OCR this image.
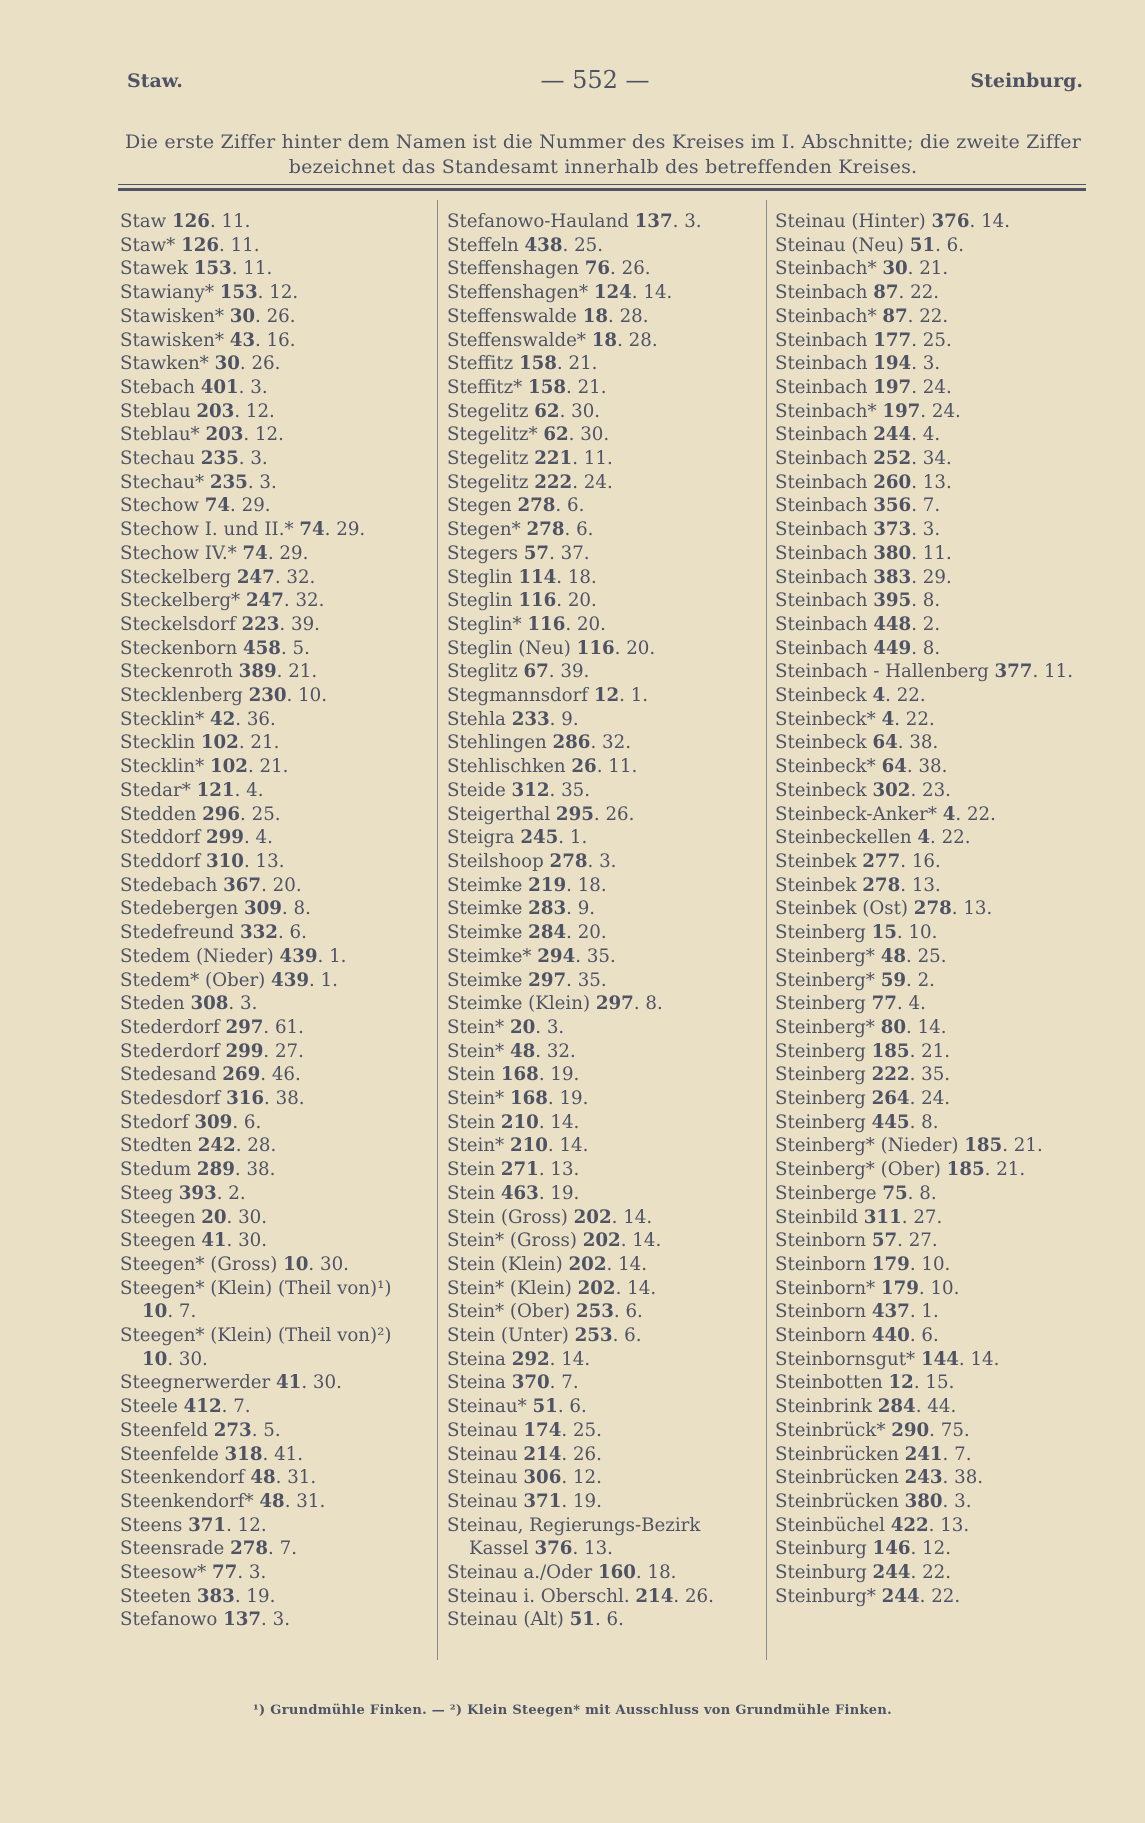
Staw.	— 552 —	Steinburg.
Die erste Ziffer hinter dem Namen ist die Nummer des Kreises im I. Abschnitte; die zweite Ziffer bezeichnet das Standesamt innerhalb des betreffenden Kreises.
Staw 126. 11.
Staw* 126. 11.
Stawek 153. 11.
Stawiany* 153. 12.
Stawisken* 30. 26.
Stawisken* 43. 16.
Stawken* 30. 26.
Stebach 401. 3.
Steblau 203. 12.
Steblau* 203. 12.
Stechau 235. 3.
Stechau* 235. 3.
Stechow 74. 29.
Stechow I. und II.* 74. 29.
Stechow IV.* 74. 29.
Steckelberg 247. 32.
Steckelberg* 247. 32.
Steckelsdorf 223. 39.
Steckenborn 458. 5.
Steckenroth 389. 21.
Stecklenberg 230. 10.
Stecklin* 42. 36.
Stecklin 102. 21.
Stecklin* 102. 21.
Stedar* 121. 4.
Stedden 296. 25.
Steddorf 299. 4.
Steddorf 310. 13.
Stedebach 367. 20.
Stedebergen 309. 8.
Stedefreund 332. 6.
Stedem (Nieder) 439. 1.
Stedem* (Ober) 439. 1.
Steden 308. 3.
Stederdorf 297. 61.
Stederdorf 299. 27.
Stedesand 269. 46.
Stedesdorf 316. 38.
Stedorf 309. 6.
Stedten 242. 28.
Stedum 289. 38.
Steeg 393. 2.
Steegen 20. 30.
Steegen 41. 30.
Steegen* (Gross) 10. 30.
Steegen* (Klein) (Theil von)¹) 10. 7.
Steegen* (Klein) (Theil von)²) 10. 30.
Steegnerwerder 41. 30.
Steele 412. 7.
Steenfeld 273. 5.
Steenfelde 318. 41.
Steenkendorf 48. 31.
Steenkendorf* 48. 31.
Steens 371. 12.
Steensrade 278. 7.
Steesow* 77. 3.
Steeten 383. 19.
Stefanowo 137. 3.
Stefanowo-Hauland 137. 3.
Steffeln 438. 25.
Steffenshagen 76. 26.
Steffenshagen* 124. 14.
Steffenswalde 18. 28.
Steffenswalde* 18. 28.
Steffitz 158. 21.
Steffitz* 158. 21.
Stegelitz 62. 30.
Stegelitz* 62. 30.
Stegelitz 221. 11.
Stegelitz 222. 24.
Stegen 278. 6.
Stegen* 278. 6.
Stegers 57. 37.
Steglin 114. 18.
Steglin 116. 20.
Steglin* 116. 20.
Steglin (Neu) 116. 20.
Steglitz 67. 39.
Stegmannsdorf 12. 1.
Stehla 233. 9.
Stehlingen 286. 32.
Stehlischken 26. 11.
Steide 312. 35.
Steigerthal 295. 26.
Steigra 245. 1.
Steilshoop 278. 3.
Steimke 219. 18.
Steimke 283. 9.
Steimke 284. 20.
Steimke* 294. 35.
Steimke 297. 35.
Steimke (Klein) 297. 8.
Stein* 20. 3.
Stein* 48. 32.
Stein 168. 19.
Stein* 168. 19.
Stein 210. 14.
Stein* 210. 14.
Stein 271. 13.
Stein 463. 19.
Stein (Gross) 202. 14.
Stein* (Gross) 202. 14.
Stein (Klein) 202. 14.
Stein* (Klein) 202. 14.
Stein* (Ober) 253. 6.
Stein (Unter) 253. 6.
Steina 292. 14.
Steina 370. 7.
Steinau* 51. 6.
Steinau 174. 25.
Steinau 214. 26.
Steinau 306. 12.
Steinau 371. 19.
Steinau, Regierungs-Bezirk Kassel 376. 13.
Steinau a./Oder 160. 18.
Steinau i. Oberschl. 214. 26.
Steinau (Alt) 51. 6.
Steinau (Hinter) 376. 14.
Steinau (Neu) 51. 6.
Steinbach* 30. 21.
Steinbach 87. 22.
Steinbach* 87. 22.
Steinbach 177. 25.
Steinbach 194. 3.
Steinbach 197. 24.
Steinbach* 197. 24.
Steinbach 244. 4.
Steinbach 252. 34.
Steinbach 260. 13.
Steinbach 356. 7.
Steinbach 373. 3.
Steinbach 380. 11.
Steinbach 383. 29.
Steinbach 395. 8.
Steinbach 448. 2.
Steinbach 449. 8.
Steinbach - Hallenberg 377. 11.
Steinbeck 4. 22.
Steinbeck* 4. 22.
Steinbeck 64. 38.
Steinbeck* 64. 38.
Steinbeck 302. 23.
Steinbeck-Anker* 4. 22.
Steinbeckellen 4. 22.
Steinbek 277. 16.
Steinbek 278. 13.
Steinbek (Ost) 278. 13.
Steinberg 15. 10.
Steinberg* 48. 25.
Steinberg* 59. 2.
Steinberg 77. 4.
Steinberg* 80. 14.
Steinberg 185. 21.
Steinberg 222. 35.
Steinberg 264. 24.
Steinberg 445. 8.
Steinberg* (Nieder) 185. 21.
Steinberg* (Ober) 185. 21.
Steinberge 75. 8.
Steinbild 311. 27.
Steinborn 57. 27.
Steinborn 179. 10.
Steinborn* 179. 10.
Steinborn 437. 1.
Steinborn 440. 6.
Steinbornsgut* 144. 14.
Steinbotten 12. 15.
Steinbrink 284. 44.
Steinbrück* 290. 75.
Steinbrücken 241. 7.
Steinbrücken 243. 38.
Steinbrücken 380. 3.
Steinbüchel 422. 13.
Steinburg 146. 12.
Steinburg 244. 22.
Steinburg* 244. 22.
¹) Grundmühle Finken. — ²) Klein Steegen* mit Ausschluss von Grundmühle Finken.
